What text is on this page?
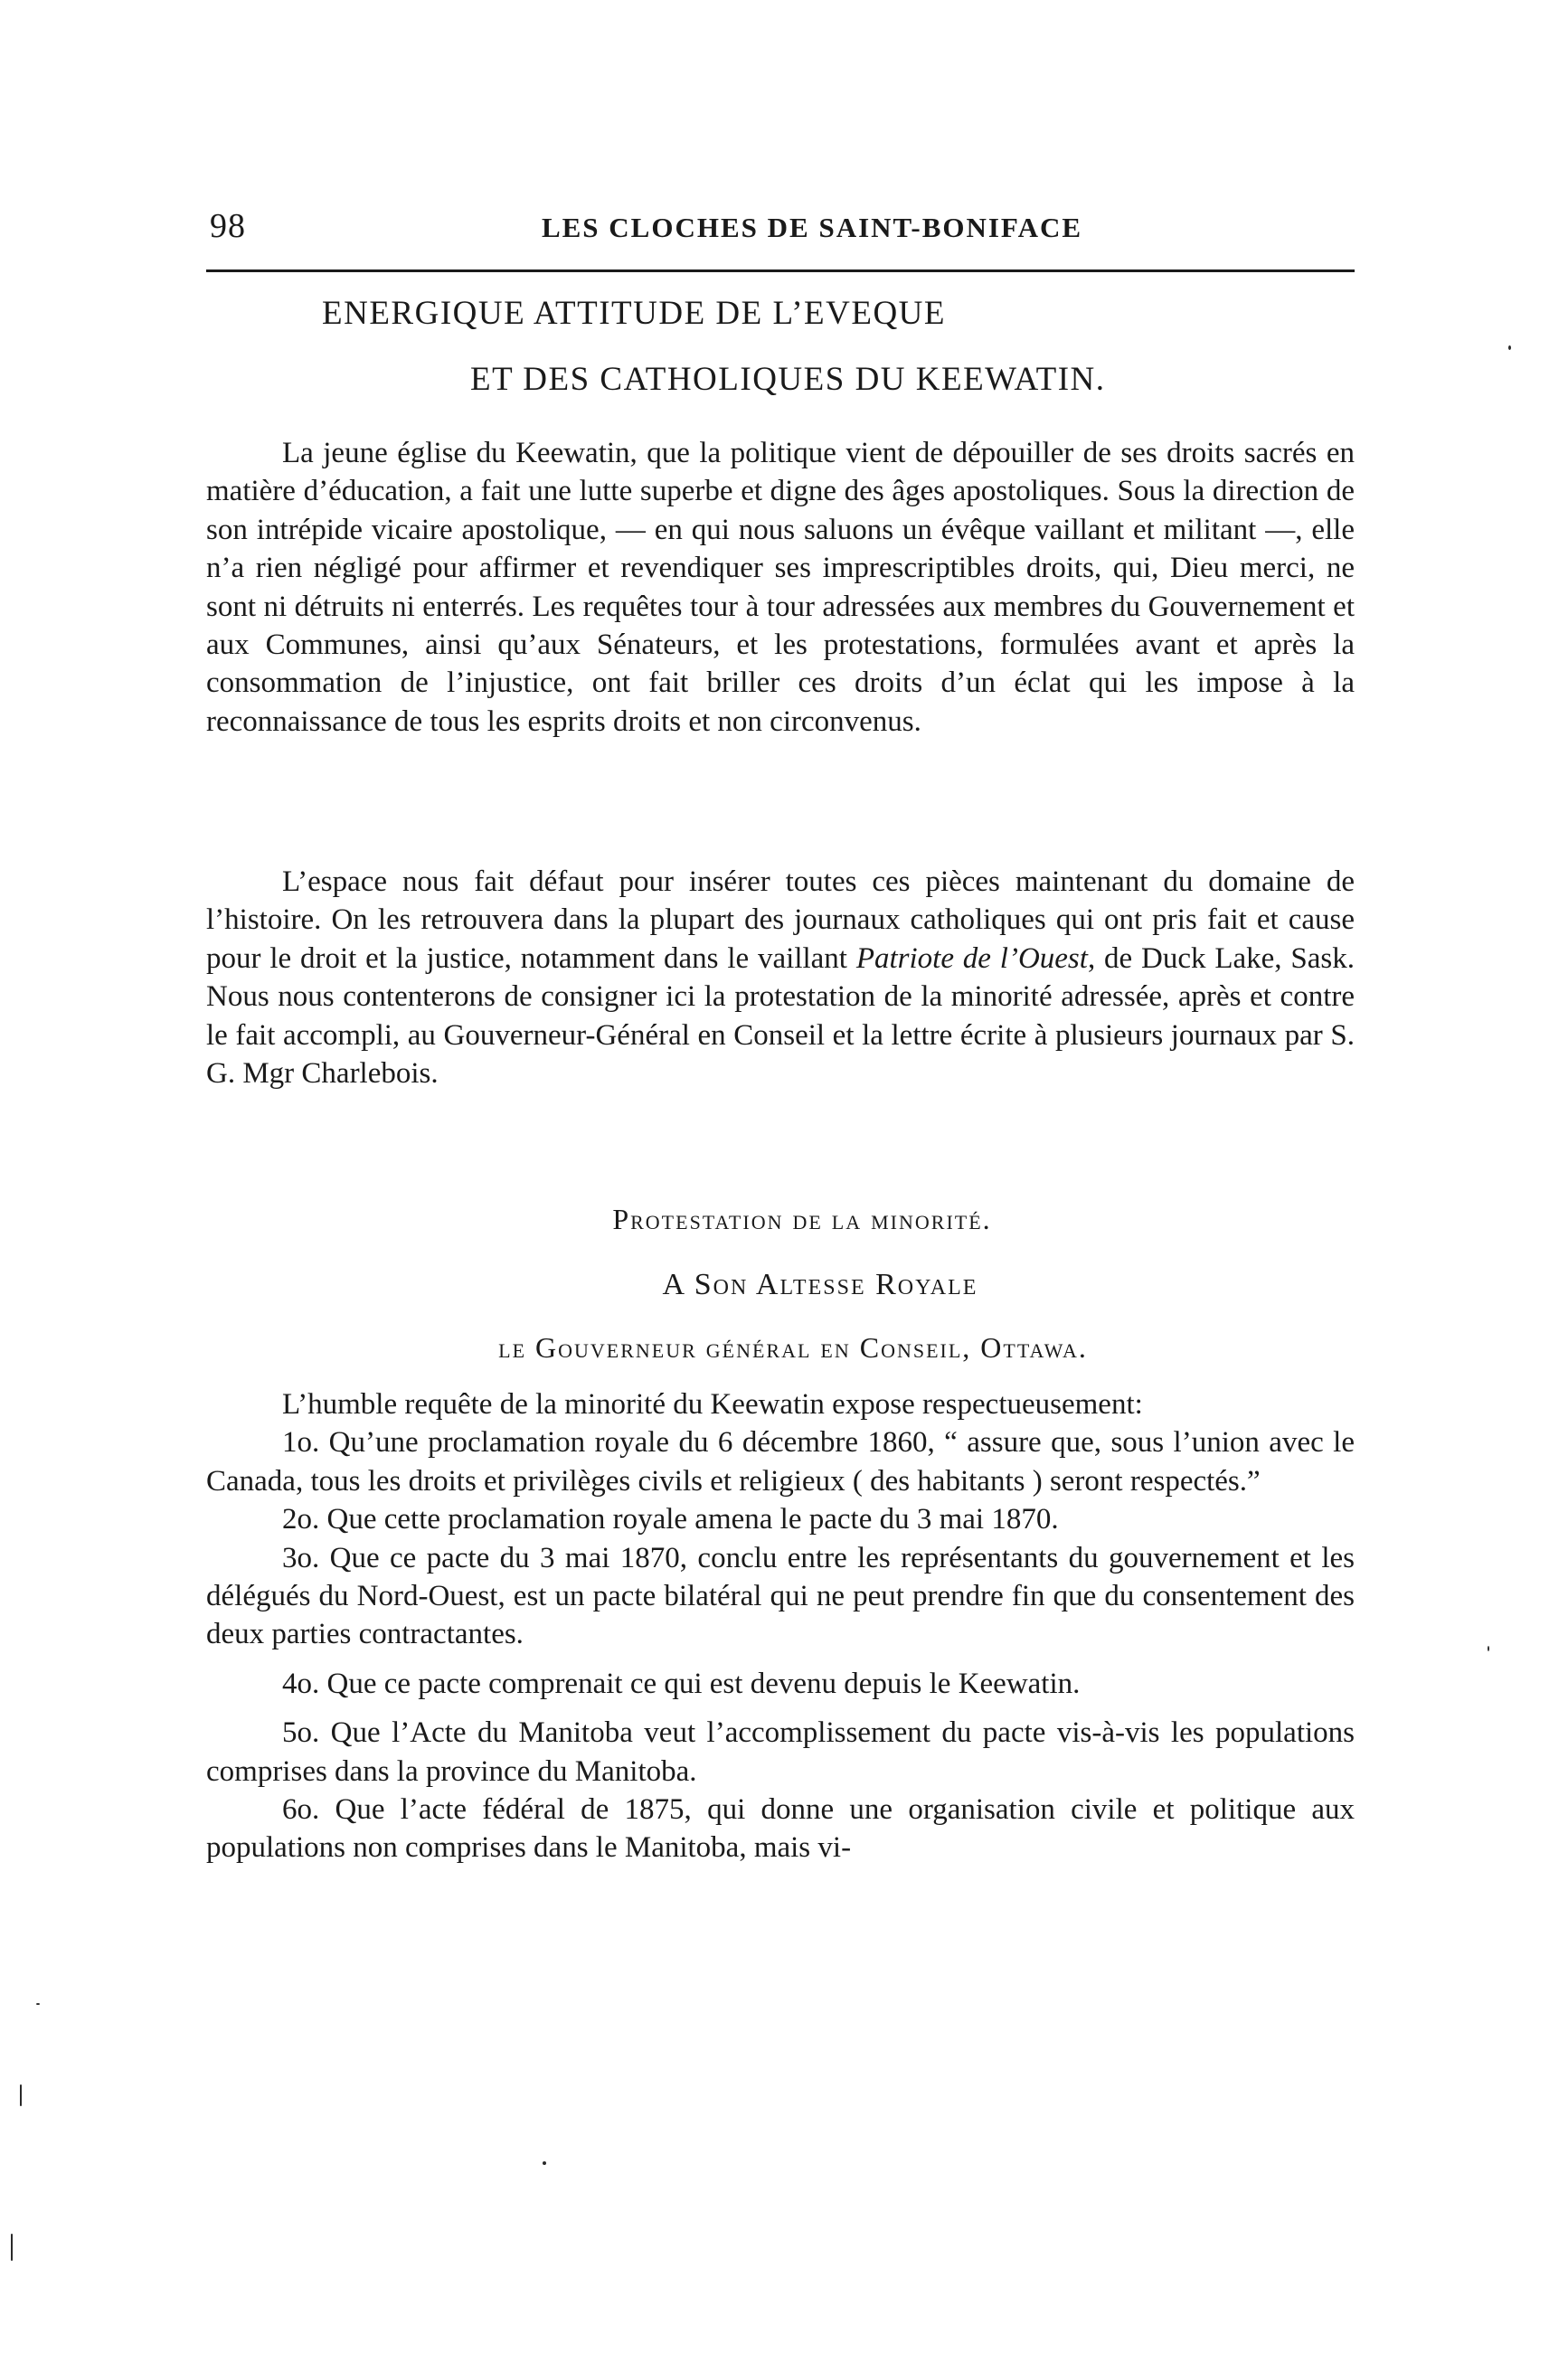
98	LES CLOCHES DE SAINT-BONIFACE
ENERGIQUE ATTITUDE DE L’EVEQUE
ET DES CATHOLIQUES DU KEEWATIN.

La jeune église du Keewatin, que la politique vient de dépouiller de ses droits sacrés en matière d’éducation, a fait une lutte superbe et digne des âges apostoliques. Sous la direction de son intrépide vicaire apostolique, — en qui nous saluons un évêque vaillant et militant —, elle n’a rien négligé pour affirmer et revendiquer ses imprescriptibles droits, qui, Dieu merci, ne sont ni détruits ni enterrés. Les requêtes tour à tour adressées aux membres du Gouvernement et aux Communes, ainsi qu’aux Sénateurs, et les protestations, formulées avant et après la consommation de l’injustice, ont fait briller ces droits d’un éclat qui les impose à la reconnaissance de tous les esprits droits et non circonvenus.

L’espace nous fait défaut pour insérer toutes ces pièces maintenant du domaine de l’histoire. On les retrouvera dans la plupart des journaux catholiques qui ont pris fait et cause pour le droit et la justice, notamment dans le vaillant Patriote de l’Ouest, de Duck Lake, Sask. Nous nous contenterons de consigner ici la protestation de la minorité adressée, après et contre le fait accompli, au Gouverneur-Général en Conseil et la lettre écrite à plusieurs journaux par S. G. Mgr Charlebois.

Protestation de la minorité.

A Son Altesse Royale

le Gouverneur général en Conseil, Ottawa.

L’humble requête de la minorité du Keewatin expose respectueusement:

1o. Qu’une proclamation royale du 6 décembre 1860, “ assure que, sous l’union avec le Canada, tous les droits et privilèges civils et religieux ( des habitants ) seront respectés.”

2o. Que cette proclamation royale amena le pacte du 3 mai 1870.

3o. Que ce pacte du 3 mai 1870, conclu entre les représentants du gouvernement et les délégués du Nord-Ouest, est un pacte bilatéral qui ne peut prendre fin que du consentement des deux parties contractantes.

4o. Que ce pacte comprenait ce qui est devenu depuis le Keewatin.

5o. Que l’Acte du Manitoba veut l’accomplissement du pacte vis-à-vis les populations comprises dans la province du Manitoba.

6o. Que l’acte fédéral de 1875, qui donne une organisation civile et politique aux populations non comprises dans le Manitoba, mais vi-
